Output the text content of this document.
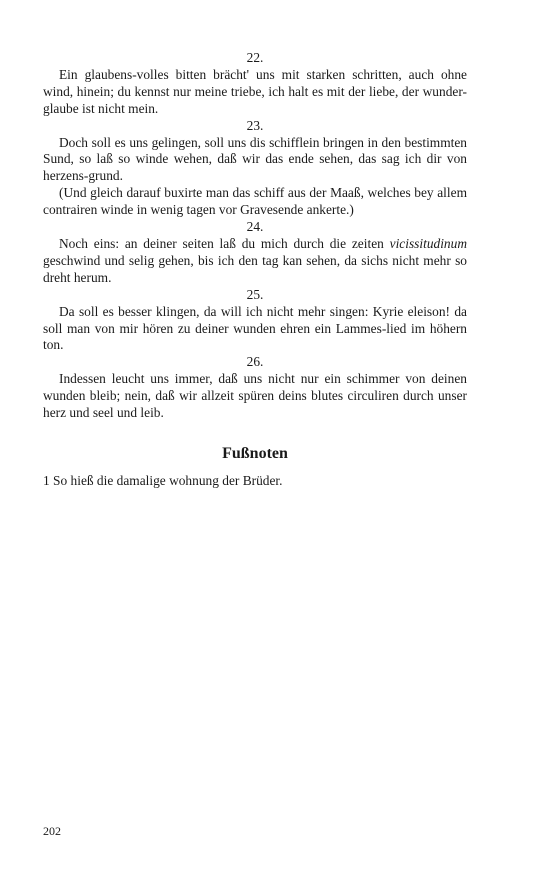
22.

Ein glaubens-volles bitten brächt' uns mit starken schritten, auch ohne wind, hinein; du kennst nur meine triebe, ich halt es mit der liebe, der wunder-glaube ist nicht mein.

23.

Doch soll es uns gelingen, soll uns dis schifflein bringen in den bestimmten Sund, so laß so winde wehen, daß wir das ende sehen, das sag ich dir von herzens-grund.

(Und gleich darauf buxirte man das schiff aus der Maaß, welches bey allem contrairen winde in wenig tagen vor Gravesende ankerte.)

24.

Noch eins: an deiner seiten laß du mich durch die zeiten vicissitudinum geschwind und selig gehen, bis ich den tag kan sehen, da sichs nicht mehr so dreht herum.

25.

Da soll es besser klingen, da will ich nicht mehr singen: Kyrie eleison! da soll man von mir hören zu deiner wunden ehren ein Lammes-lied im höhern ton.

26.

Indessen leucht uns immer, daß uns nicht nur ein schimmer von deinen wunden bleib; nein, daß wir allzeit spüren deins blutes circuliren durch unser herz und seel und leib.

Fußnoten

1 So hieß die damalige wohnung der Brüder.

202
